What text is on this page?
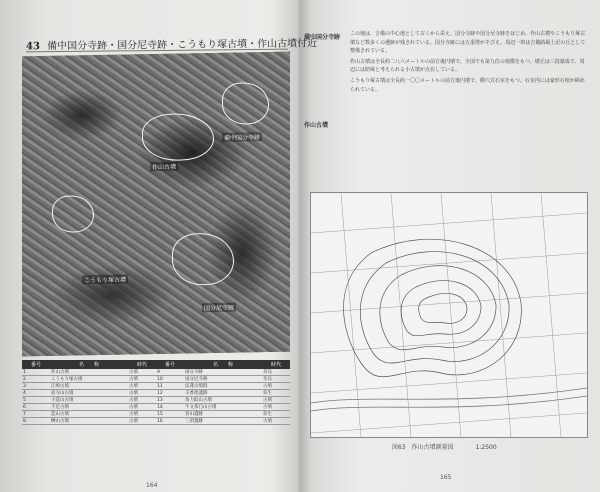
43 備中国分寺跡・国分尼寺跡・こうもり塚古墳・作山古墳付近
作山古墳
こうもり塚古墳
国分尼寺跡
備中国分寺跡
番号	名　　称	時代	番号	名　　称	時代
1	作山古墳	古墳	9	国分寺跡	奈良
2	こうもり塚古墳	古墳	10	国分尼寺跡	奈良
3	江崎古墳	古墳	11	法蓮古墳群	古墳
4	宿寺山古墳	古墳	12	辛香池遺跡	弥生
5	小造山古墳	古墳	13	角力取山古墳	古墳
6	千足古墳	古墳	14	牛文茶臼山古墳	古墳
7	造山古墳	古墳	15	宮山遺跡	弥生
8	榊山古墳	古墳	16	三須遺跡	古墳
164
備中国分寺跡
作山古墳

この地は、吉備の中心地として古くから栄え、国分寺跡や国分尼寺跡をはじめ、作山古墳やこうもり塚古墳など数多くの遺跡が残されている。国分寺跡には五重塔がそびえ、周辺一帯は吉備路風土記の丘として整備されている。

作山古墳は全長約二八六メートルの前方後円墳で、全国でも第九位の規模をもつ。墳丘は三段築成で、周辺には陪塚と考えられる小古墳が点在している。

こうもり塚古墳は全長約一〇〇メートルの前方後円墳で、横穴式石室をもつ。石室内には家形石棺が納められている。

図63　作山古墳測量図	1:2500
165
